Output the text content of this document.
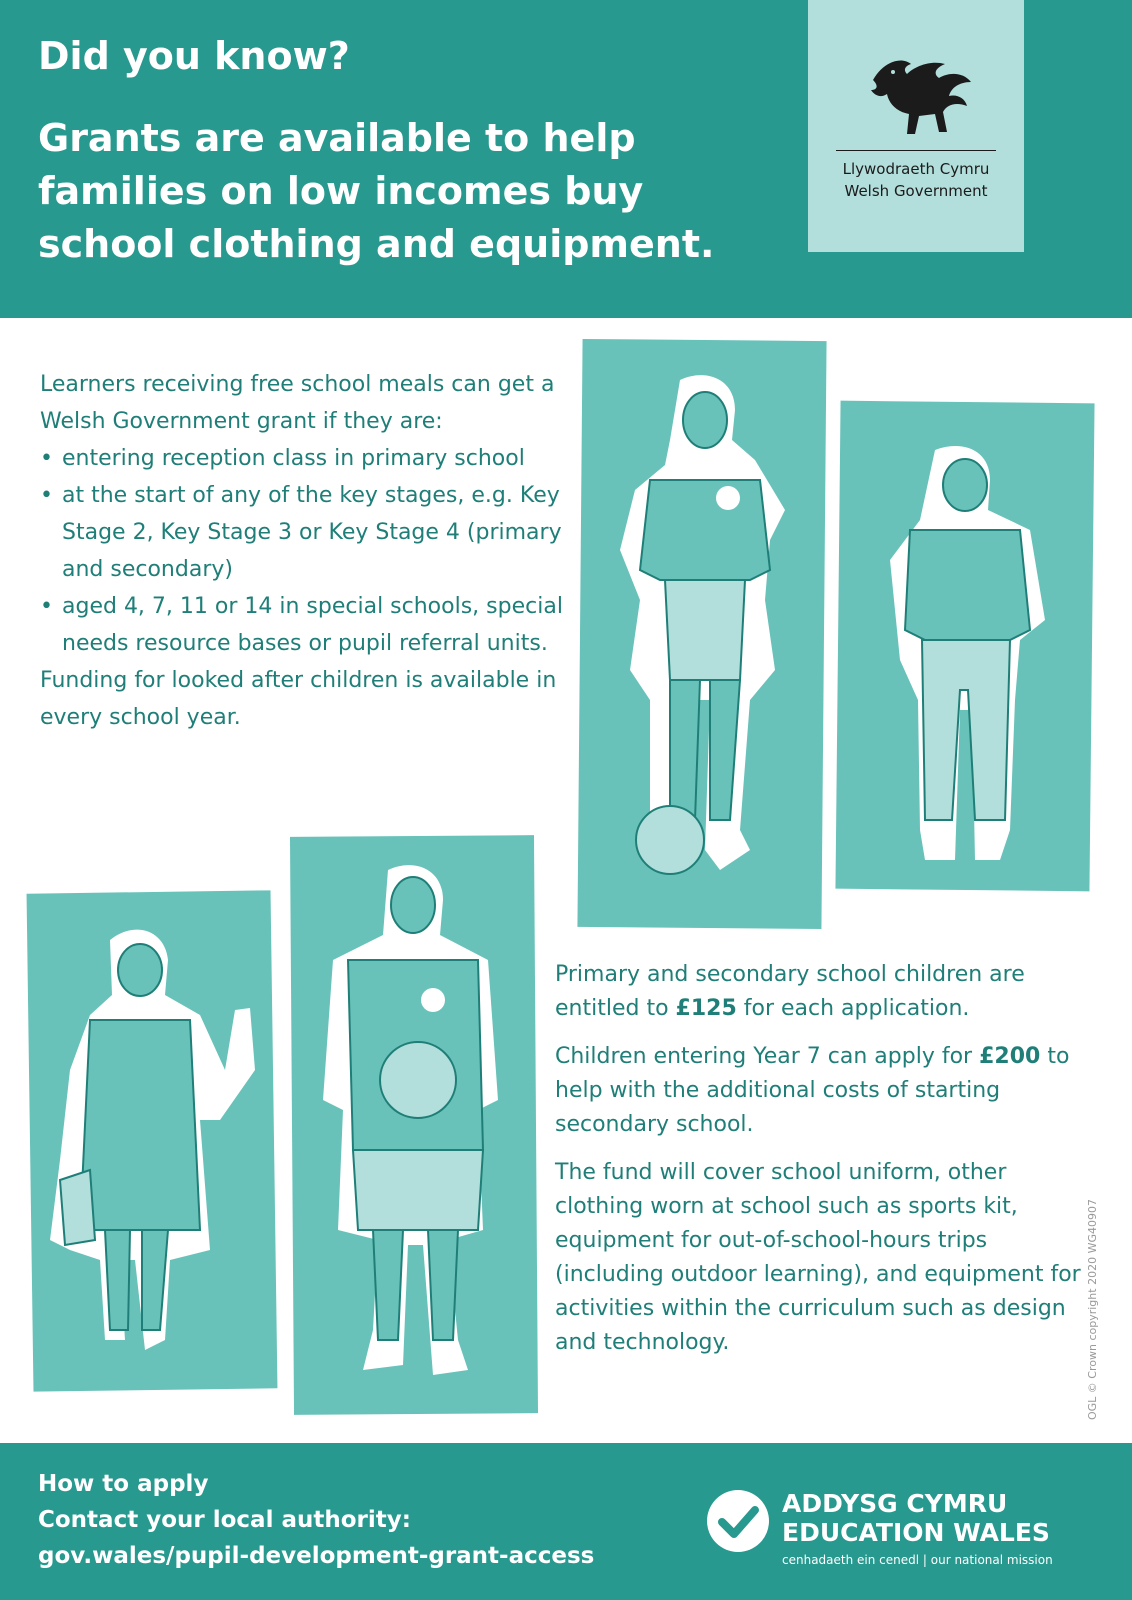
Did you know?
Grants are available to help families on low incomes buy school clothing and equipment.
Llywodraeth Cymru
Welsh Government

Learners receiving free school meals can get a Welsh Government grant if they are:

• entering reception class in primary school
• at the start of any of the key stages, e.g. Key Stage 2, Key Stage 3 or Key Stage 4 (primary and secondary)
• aged 4, 7, 11 or 14 in special schools, special needs resource bases or pupil referral units.

Funding for looked after children is available in every school year.

Primary and secondary school children are entitled to £125 for each application.

Children entering Year 7 can apply for £200 to help with the additional costs of starting secondary school.

The fund will cover school uniform, other clothing worn at school such as sports kit, equipment for out-of-school-hours trips (including outdoor learning), and equipment for activities within the curriculum such as design and technology.	OGL © Crown copyright 2020 WG40907
How to apply
Contact your local authority:
gov.wales/pupil-development-grant-access
ADDYSG CYMRU
EDUCATION WALES
cenhadaeth ein cenedl | our national mission
